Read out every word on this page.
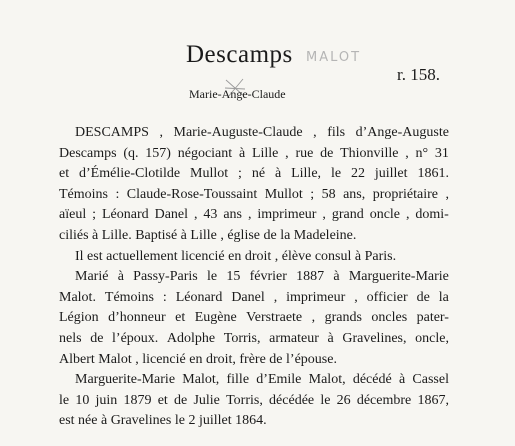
Descamps MALOT
r. 158.
Marie-Ange-Claude
DESCAMPS , Marie-Auguste-Claude , fils d’Ange-Auguste
Descamps (q. 157) négociant à Lille , rue de Thionville , n° 31
et d’Émélie-Clotilde Mullot ; né à Lille, le 22 juillet 1861.
Témoins : Claude-Rose-Toussaint Mullot ; 58 ans, propriétaire ,
aïeul ; Léonard Danel , 43 ans , imprimeur , grand oncle , domi-
ciliés à Lille. Baptisé à Lille , église de la Madeleine.
Il est actuellement licencié en droit , élève consul à Paris.
Marié à Passy-Paris le 15 février 1887 à Marguerite-Marie
Malot. Témoins : Léonard Danel , imprimeur , officier de la
Légion d’honneur et Eugène Verstraete , grands oncles pater-
nels de l’époux. Adolphe Torris, armateur à Gravelines, oncle,
Albert Malot , licencié en droit, frère de l’épouse.
Marguerite-Marie Malot, fille d’Emile Malot, décédé à Cassel
le 10 juin 1879 et de Julie Torris, décédée le 26 décembre 1867,
est née à Gravelines le 2 juillet 1864.
